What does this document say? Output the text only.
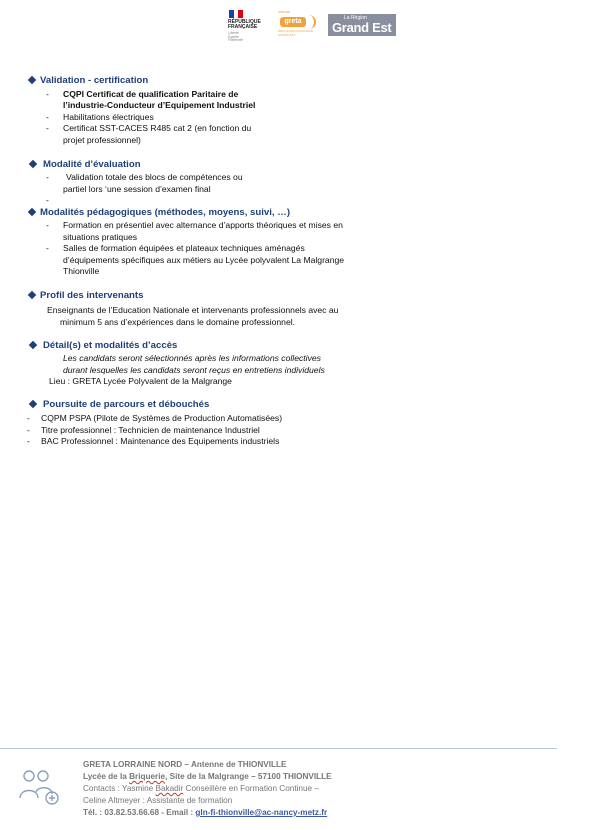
RÉPUBLIQUE
FRANÇAISE
Liberté
Égalité
Fraternité
réseau
greta
ÉDUCATION NATIONALE GRAND EST
La Région
Grand Est
Validation - certification
- CQPI Certificat de qualification Paritaire de
l’industrie-Conducteur d’Equipement Industriel
- Habilitations électriques
- Certificat SST-CACES R485 cat 2 (en fonction du
projet professionnel)
Modalité d’évaluation
- Validation totale des blocs de compétences ou
partiel lors ‘une session d’examen final
-
Modalités pédagogiques (méthodes, moyens, suivi, …)
- Formation en présentiel avec alternance d’apports théoriques et mises en
situations pratiques
- Salles de formation équipées et plateaux techniques aménagés
d’équipements spécifiques aux métiers au Lycée polyvalent La Malgrange
Thionville
Profil des intervenants
Enseignants de l’Education Nationale et intervenants professionnels avec au
minimum 5 ans d’expériences dans le domaine professionnel.
Détail(s) et modalités d’accès
Les candidats seront sélectionnés après les informations collectives
durant lesquelles les candidats seront reçus en entretiens individuels
Lieu : GRETA Lycée Polyvalent de la Malgrange
Poursuite de parcours et débouchés
- CQPM PSPA (Pilote de Systèmes de Production Automatisées)
- Titre professionnel : Technicien de maintenance Industriel
- BAC Professionnel : Maintenance des Equipements industriels
GRETA LORRAINE NORD – Antenne de THIONVILLE
Lycée de la Briquerie, Site de la Malgrange – 57100 THIONVILLE
Contacts : Yasmine Bakadir Conseillère en Formation Continue –
Celine Altmeyer : Assistante de formation
Tél. : 03.82.53.66.68 - Email : gln-fi-thionville@ac-nancy-metz.fr
